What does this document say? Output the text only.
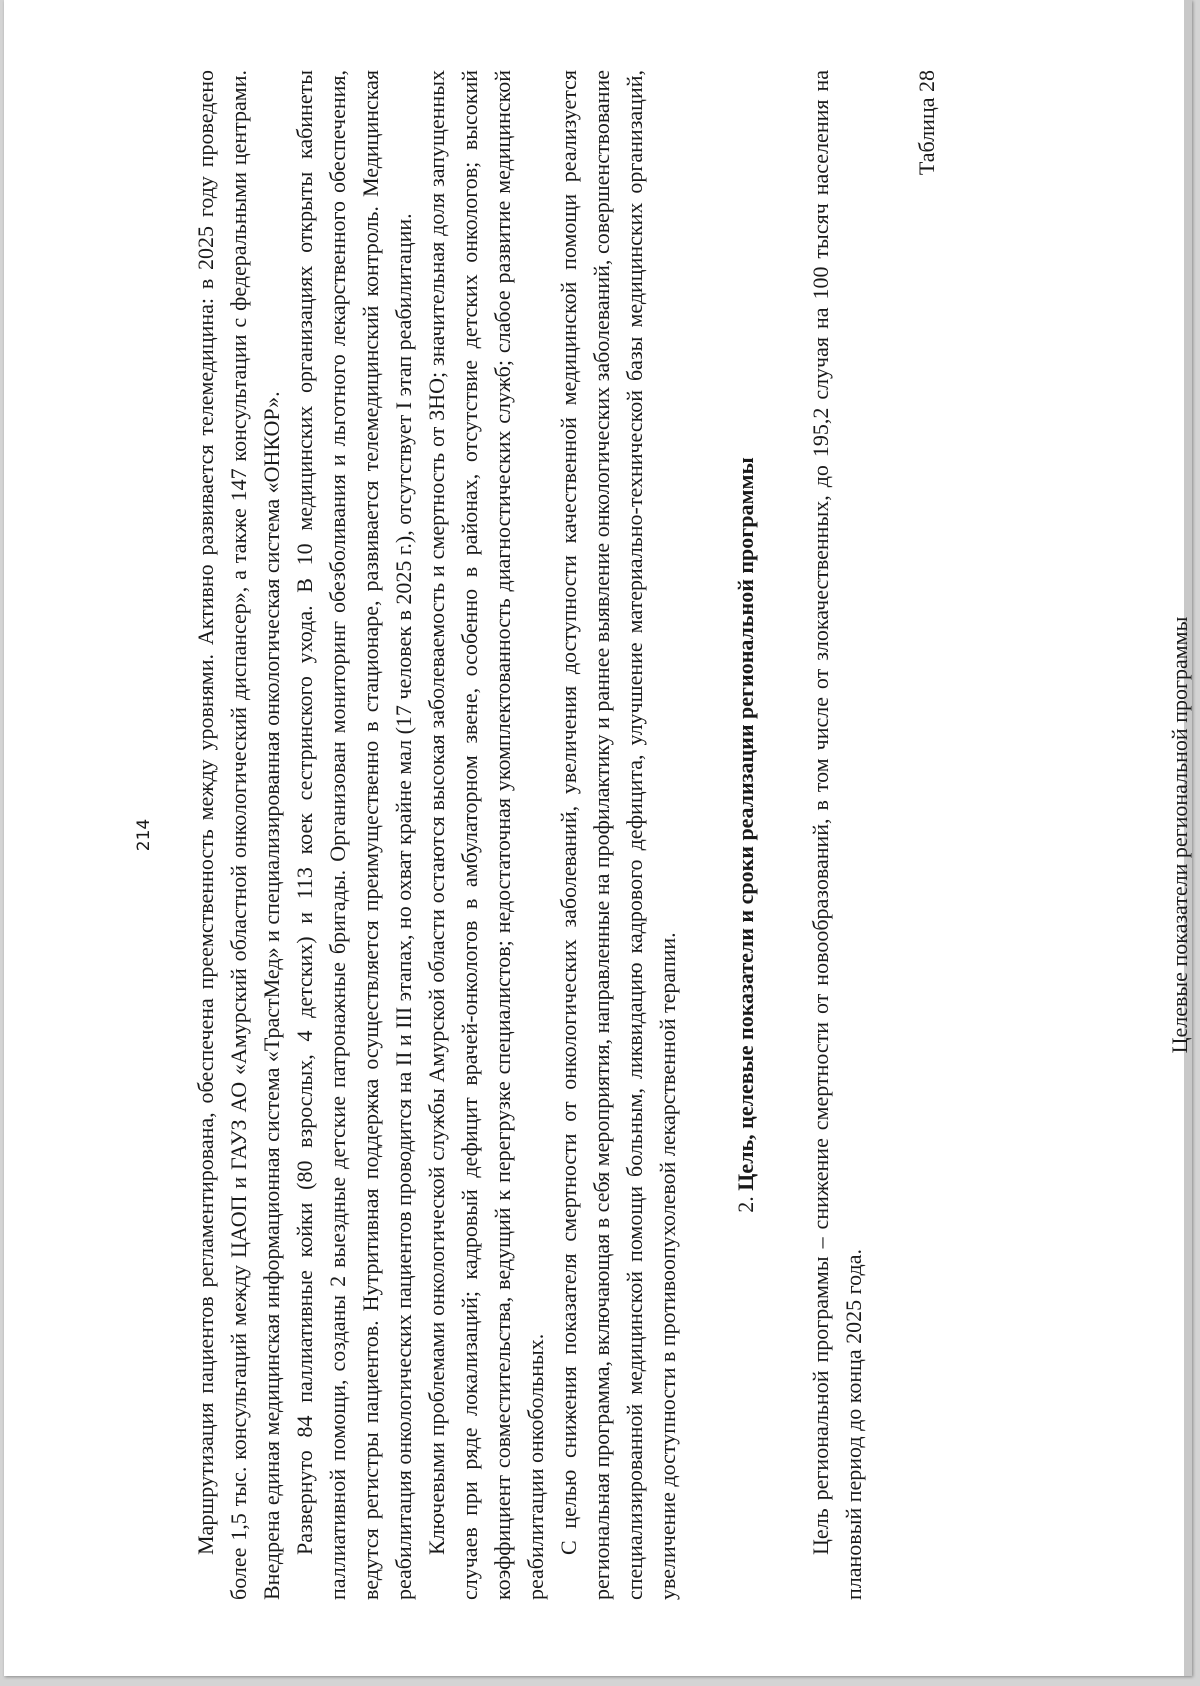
214 Маршрутизация пациентов регламентирована, обеспечена преемственность между уровнями. Активно развивается телемедицина: в 2025 году проведено более 1,5 тыс. консультаций между ЦАОП и ГАУЗ АО «Амурский областной онкологический диспансер», а также 147 консультации с федеральными центрами. Внедрена единая медицинская информационная система «ТрастМед» и специализированная онкологическая система «ОНКОР». Развернуто 84 паллиативные койки (80 взрослых, 4 детских) и 113 коек сестринского ухода. В 10 медицинских организациях открыты кабинеты паллиативной помощи, созданы 2 выездные детские патронажные бригады. Организован мониторинг обезболивания и льготного лекарственного обеспечения, ведутся регистры пациентов. Нутритивная поддержка осуществляется преимущественно в стационаре, развивается телемедицинский контроль. Медицинская реабилитация онкологических пациентов проводится на II и III этапах, но охват крайне мал (17 человек в 2025 г.), отсутствует I этап реабилитации. Ключевыми проблемами онкологической службы Амурской области остаются высокая заболеваемость и смертность от ЗНО; значительная доля запущенных случаев при ряде локализаций; кадровый дефицит врачей-онкологов в амбулаторном звене, особенно в районах, отсутствие детских онкологов; высокий коэффициент совместительства, ведущий к перегрузке специалистов; недостаточная укомплектованность диагностических служб; слабое развитие медицинской реабилитации онкобольных. С целью снижения показателя смертности от онкологических заболеваний, увеличения доступности качественной медицинской помощи реализуется региональная программа, включающая в себя мероприятия, направленные на профилактику и раннее выявление онкологических заболеваний, совершенствование специализированной медицинской помощи больным, ликвидацию кадрового дефицита, улучшение материально-технической базы медицинских организаций, увеличение доступности в противоопухолевой лекарственной терапии. 2. Цель, целевые показатели и сроки реализации региональной программы Цель региональной программы – снижение смертности от новообразований, в том числе от злокачественных, до 195,2 случая на 100 тысяч населения на плановый период до конца 2025 года.

Таблица 28
Целевые показатели региональной программы
